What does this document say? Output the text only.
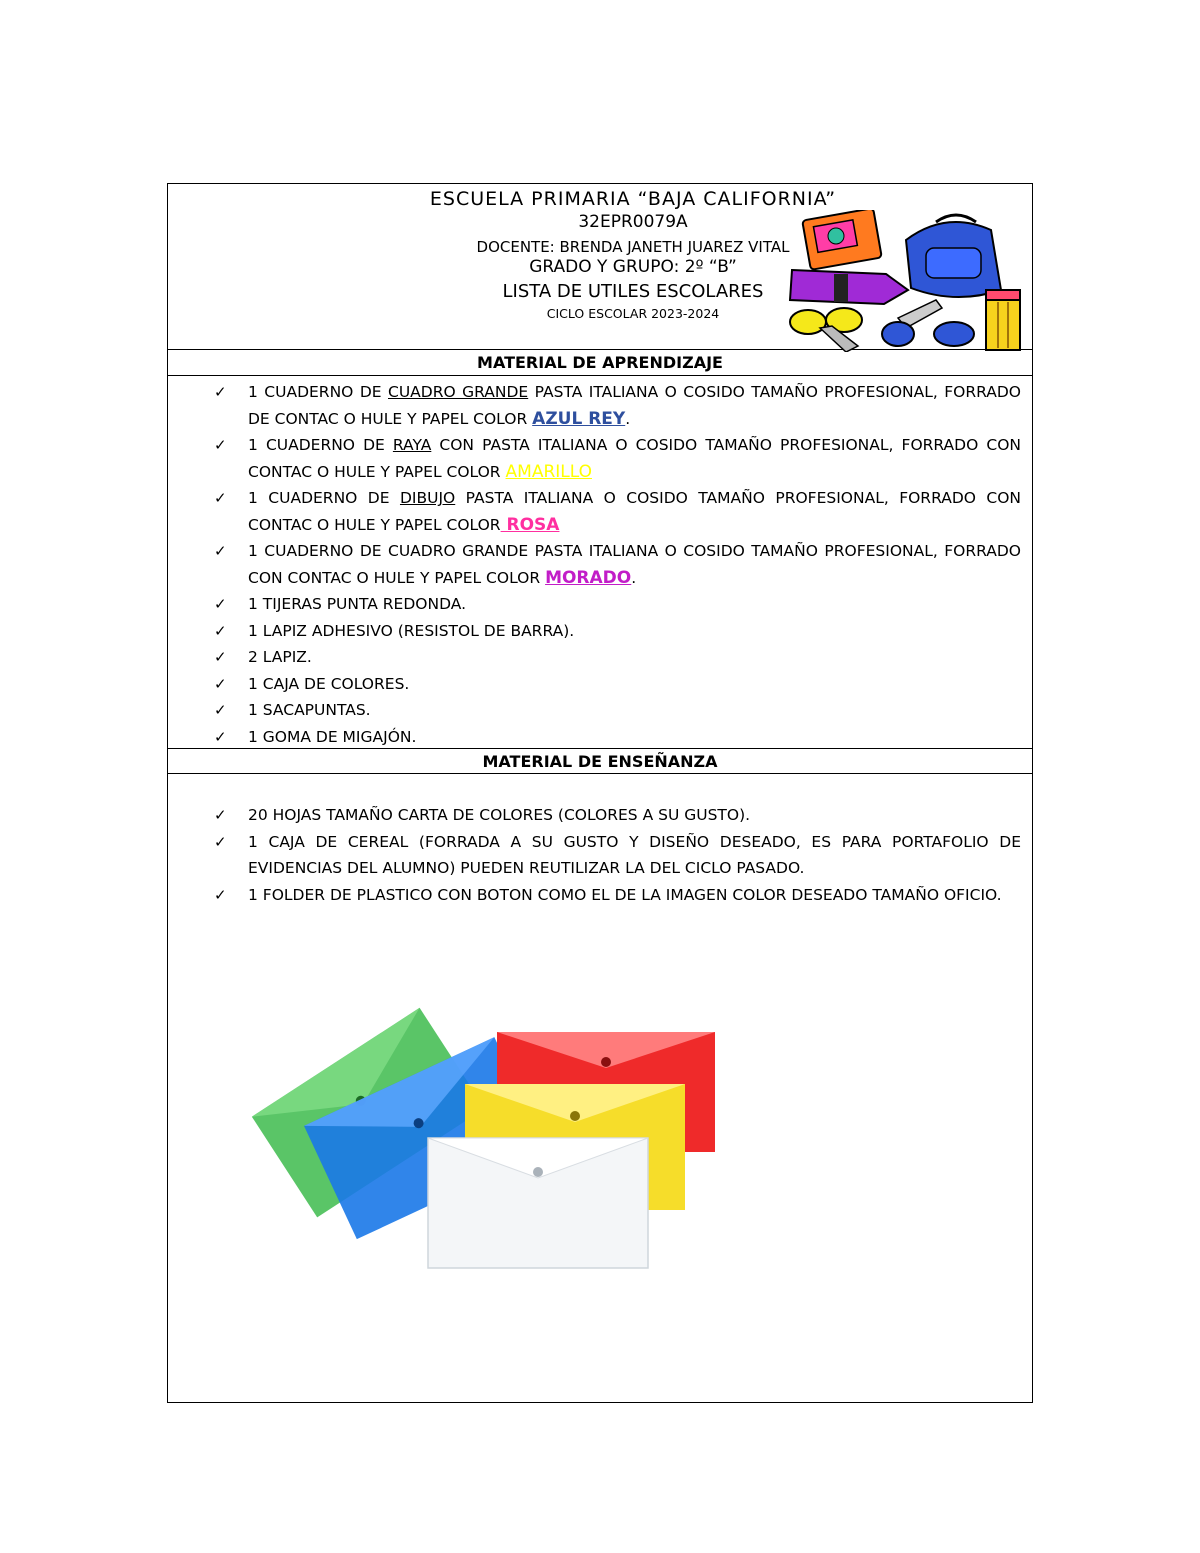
ESCUELA PRIMARIA “BAJA CALIFORNIA”
32EPR0079A
DOCENTE: BRENDA JANETH JUAREZ VITAL
GRADO Y GRUPO: 2º “B”
LISTA DE UTILES ESCOLARES
CICLO ESCOLAR 2023-2024
MATERIAL DE APRENDIZAJE
✓ 1 CUADERNO DE CUADRO GRANDE PASTA ITALIANA O COSIDO TAMAÑO PROFESIONAL, FORRADO DE CONTAC O HULE Y PAPEL COLOR AZUL REY.
✓ 1 CUADERNO DE RAYA CON PASTA ITALIANA O COSIDO TAMAÑO PROFESIONAL, FORRADO CON CONTAC O HULE Y PAPEL COLOR AMARILLO
✓ 1 CUADERNO DE DIBUJO PASTA ITALIANA O COSIDO TAMAÑO PROFESIONAL, FORRADO CON CONTAC O HULE Y PAPEL COLOR ROSA
✓ 1 CUADERNO DE CUADRO GRANDE PASTA ITALIANA O COSIDO TAMAÑO PROFESIONAL, FORRADO CON CONTAC O HULE Y PAPEL COLOR MORADO.
✓ 1 TIJERAS PUNTA REDONDA.
✓ 1 LAPIZ ADHESIVO (RESISTOL DE BARRA).
✓ 2 LAPIZ.
✓ 1 CAJA DE COLORES.
✓ 1 SACAPUNTAS.
✓ 1 GOMA DE MIGAJÓN.
MATERIAL DE ENSEÑANZA
✓ 20 HOJAS TAMAÑO CARTA DE COLORES (COLORES A SU GUSTO).
✓ 1 CAJA DE CEREAL (FORRADA A SU GUSTO Y DISEÑO DESEADO, ES PARA PORTAFOLIO DE EVIDENCIAS DEL ALUMNO) PUEDEN REUTILIZAR LA DEL CICLO PASADO.
✓ 1 FOLDER DE PLASTICO CON BOTON COMO EL DE LA IMAGEN COLOR DESEADO TAMAÑO OFICIO.
